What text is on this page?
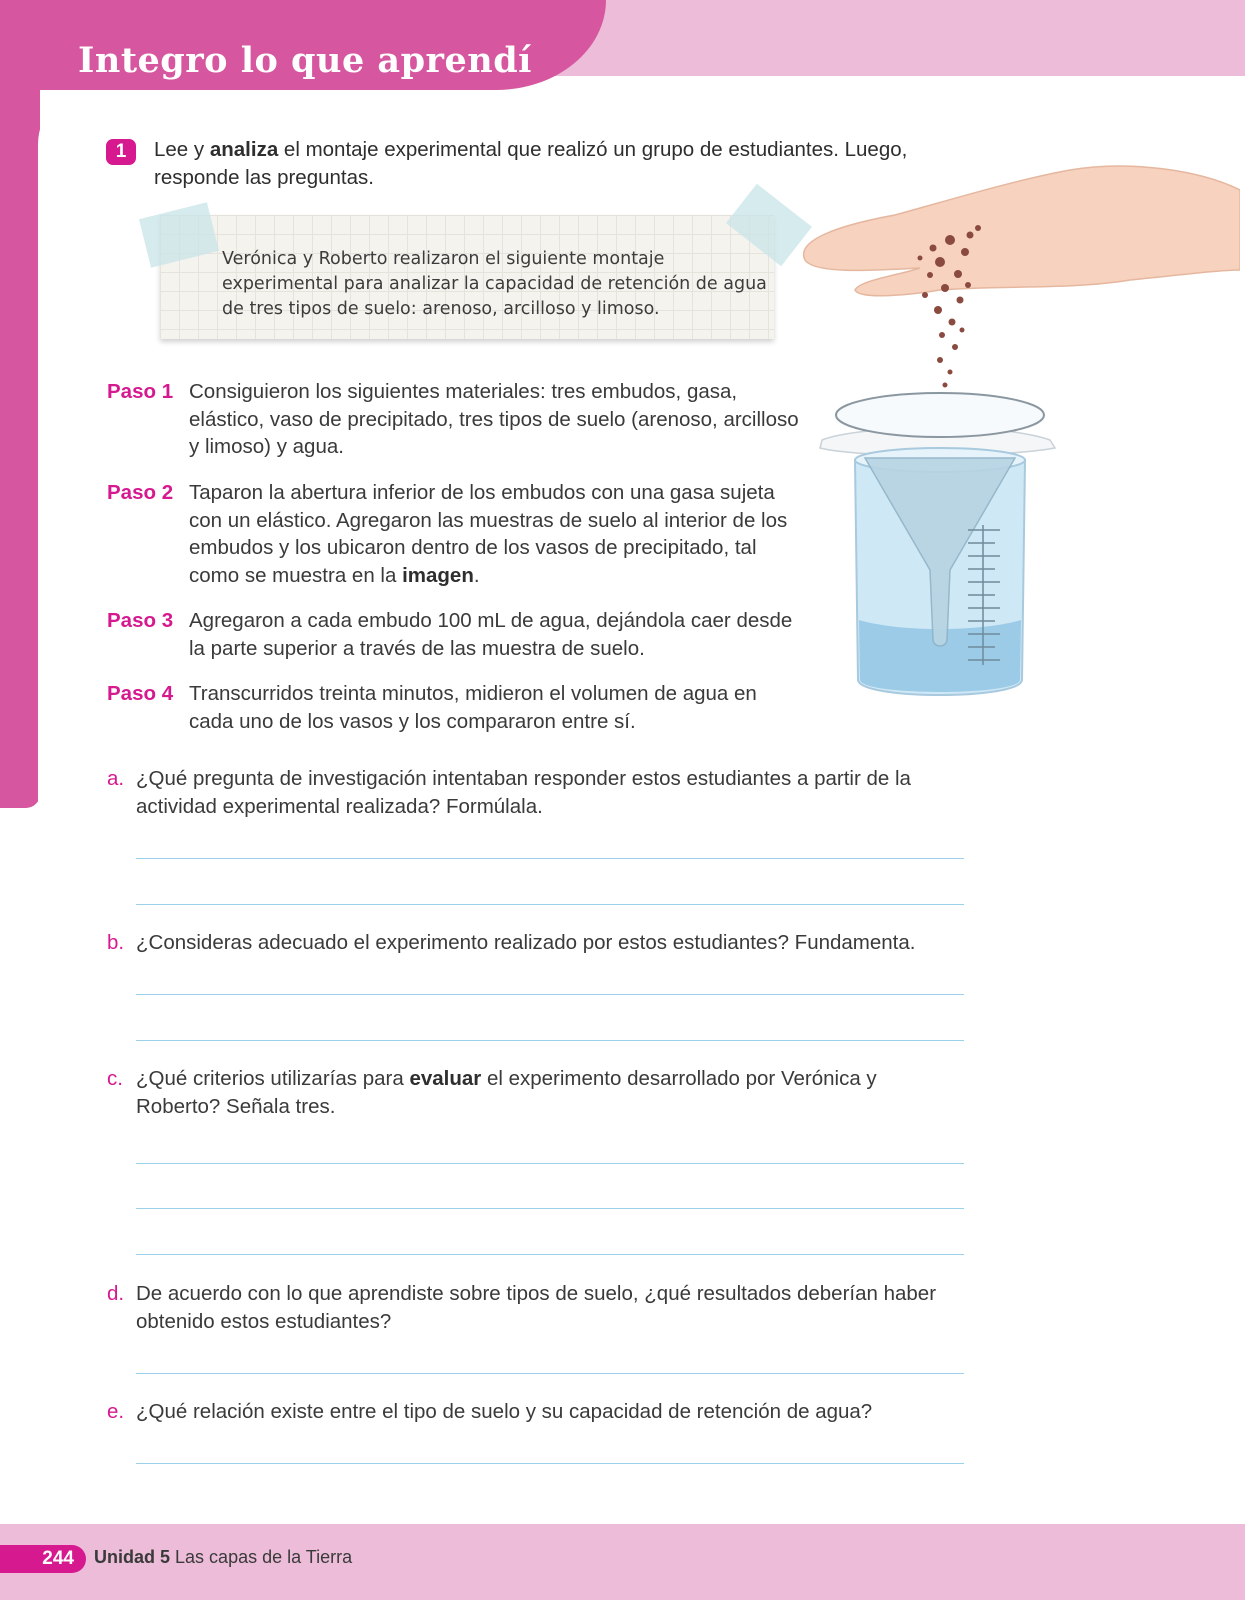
Integro lo que aprendí
1	Lee y analiza el montaje experimental que realizó un grupo de estudiantes. Luego, responde las preguntas.

Verónica y Roberto realizaron el siguiente montaje experimental para analizar la capacidad de retención de agua de tres tipos de suelo: arenoso, arcilloso y limoso.

Paso 1 Consiguieron los siguientes materiales: tres embudos, gasa, elástico, vaso de precipitado, tres tipos de suelo (arenoso, arcilloso y limoso) y agua.

Paso 2 Taparon la abertura inferior de los embudos con una gasa sujeta con un elástico. Agregaron las muestras de suelo al interior de los embudos y los ubicaron dentro de los vasos de precipitado, tal como se muestra en la imagen.

Paso 3 Agregaron a cada embudo 100 mL de agua, dejándola caer desde la parte superior a través de las muestra de suelo.

Paso 4 Transcurridos treinta minutos, midieron el volumen de agua en cada uno de los vasos y los compararon entre sí.

a. ¿Qué pregunta de investigación intentaban responder estos estudiantes a partir de la actividad experimental realizada? Formúlala.

b. ¿Consideras adecuado el experimento realizado por estos estudiantes? Fundamenta.

c. ¿Qué criterios utilizarías para evaluar el experimento desarrollado por Verónica y Roberto? Señala tres.

d. De acuerdo con lo que aprendiste sobre tipos de suelo, ¿qué resultados deberían haber obtenido estos estudiantes?

e. ¿Qué relación existe entre el tipo de suelo y su capacidad de retención de agua?

244	Unidad 5 Las capas de la Tierra
